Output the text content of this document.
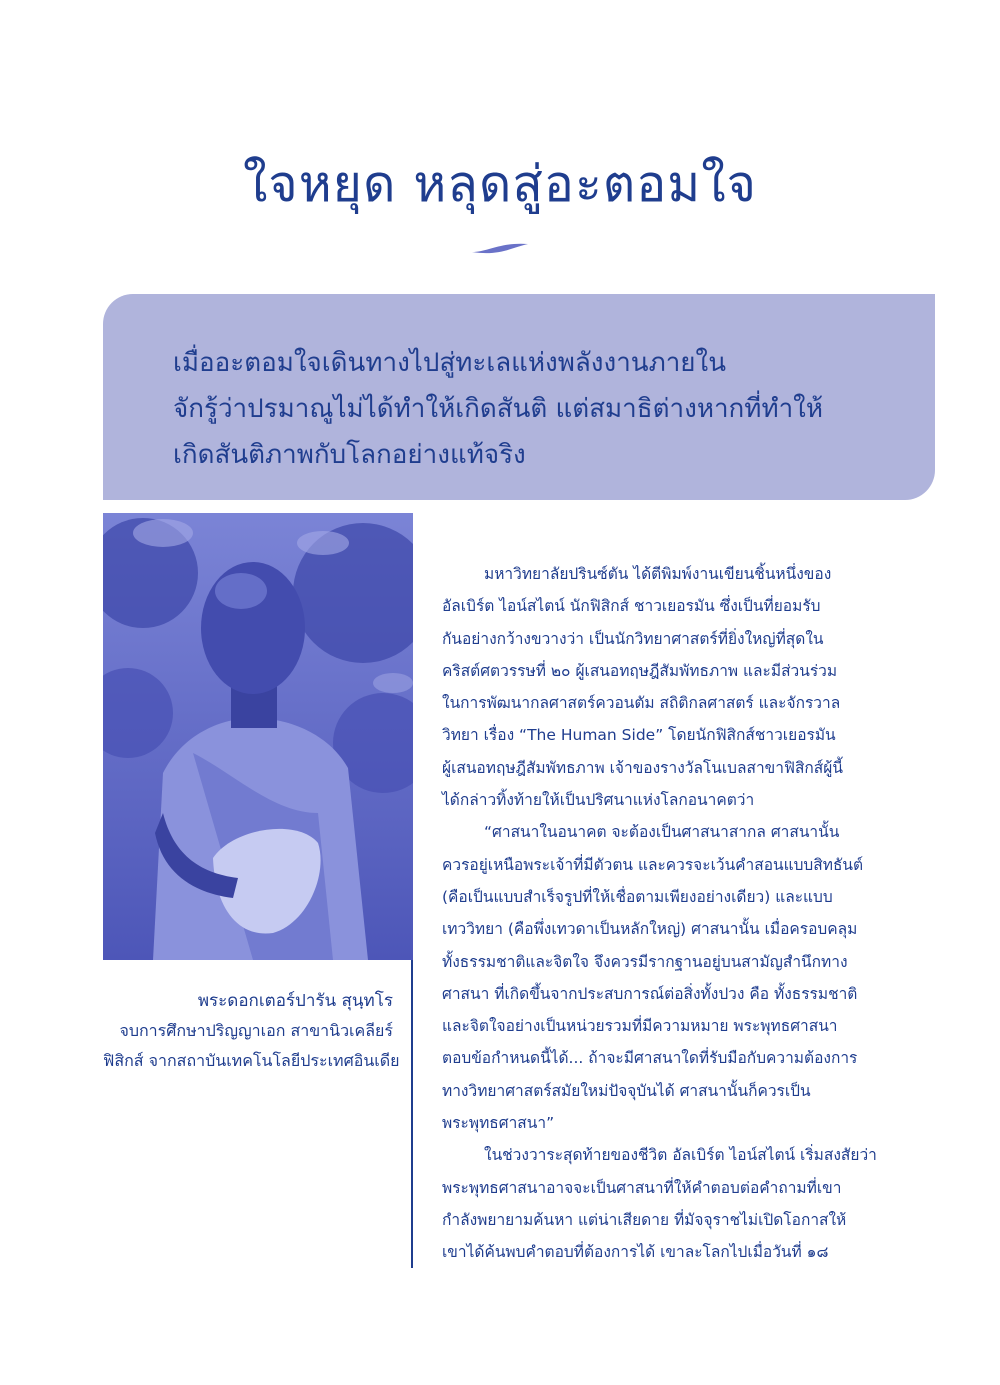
ใจหยุด หลุดสู่อะตอมใจ

เมื่ออะตอมใจเดินทางไปสู่ทะเลแห่งพลังงานภายใน
จักรู้ว่าปรมาณูไม่ได้ทำให้เกิดสันติ แต่สมาธิต่างหากที่ทำให้
เกิดสันติภาพกับโลกอย่างแท้จริง

พระดอกเตอร์ปารัน สุนฺทโร
จบการศึกษาปริญญาเอก สาขานิวเคลียร์
ฟิสิกส์ จากสถาบันเทคโนโลยีประเทศอินเดีย
มหาวิทยาลัยปรินซ์ตัน ได้ตีพิมพ์งานเขียนชิ้นหนึ่งของ
อัลเบิร์ต ไอน์สไตน์ นักฟิสิกส์ ชาวเยอรมัน ซึ่งเป็นที่ยอมรับ
กันอย่างกว้างขวางว่า เป็นนักวิทยาศาสตร์ที่ยิ่งใหญ่ที่สุดใน
คริสต์ศตวรรษที่ ๒๐ ผู้เสนอทฤษฎีสัมพัทธภาพ และมีส่วนร่วม
ในการพัฒนากลศาสตร์ควอนตัม สถิติกลศาสตร์ และจักรวาล
วิทยา เรื่อง “The Human Side” โดยนักฟิสิกส์ชาวเยอรมัน
ผู้เสนอทฤษฎีสัมพัทธภาพ เจ้าของรางวัลโนเบลสาขาฟิสิกส์ผู้นี้
ได้กล่าวทิ้งท้ายให้เป็นปริศนาแห่งโลกอนาคตว่า
“ศาสนาในอนาคต จะต้องเป็นศาสนาสากล ศาสนานั้น
ควรอยู่เหนือพระเจ้าที่มีตัวตน และควรจะเว้นคำสอนแบบสิทธันต์
(คือเป็นแบบสำเร็จรูปที่ให้เชื่อตามเพียงอย่างเดียว) และแบบ
เทววิทยา (คือพึ่งเทวดาเป็นหลักใหญ่) ศาสนานั้น เมื่อครอบคลุม
ทั้งธรรมชาติและจิตใจ จึงควรมีรากฐานอยู่บนสามัญสำนึกทาง
ศาสนา ที่เกิดขึ้นจากประสบการณ์ต่อสิ่งทั้งปวง คือ ทั้งธรรมชาติ
และจิตใจอย่างเป็นหน่วยรวมที่มีความหมาย พระพุทธศาสนา
ตอบข้อกำหนดนี้ได้... ถ้าจะมีศาสนาใดที่รับมือกับความต้องการ
ทางวิทยาศาสตร์สมัยใหม่ปัจจุบันได้ ศาสนานั้นก็ควรเป็น
พระพุทธศาสนา”
ในช่วงวาระสุดท้ายของชีวิต อัลเบิร์ต ไอน์สไตน์ เริ่มสงสัยว่า
พระพุทธศาสนาอาจจะเป็นศาสนาที่ให้คำตอบต่อคำถามที่เขา
กำลังพยายามค้นหา แต่น่าเสียดาย ที่มัจจุราชไม่เปิดโอกาสให้
เขาได้ค้นพบคำตอบที่ต้องการได้ เขาละโลกไปเมื่อวันที่ ๑๘
